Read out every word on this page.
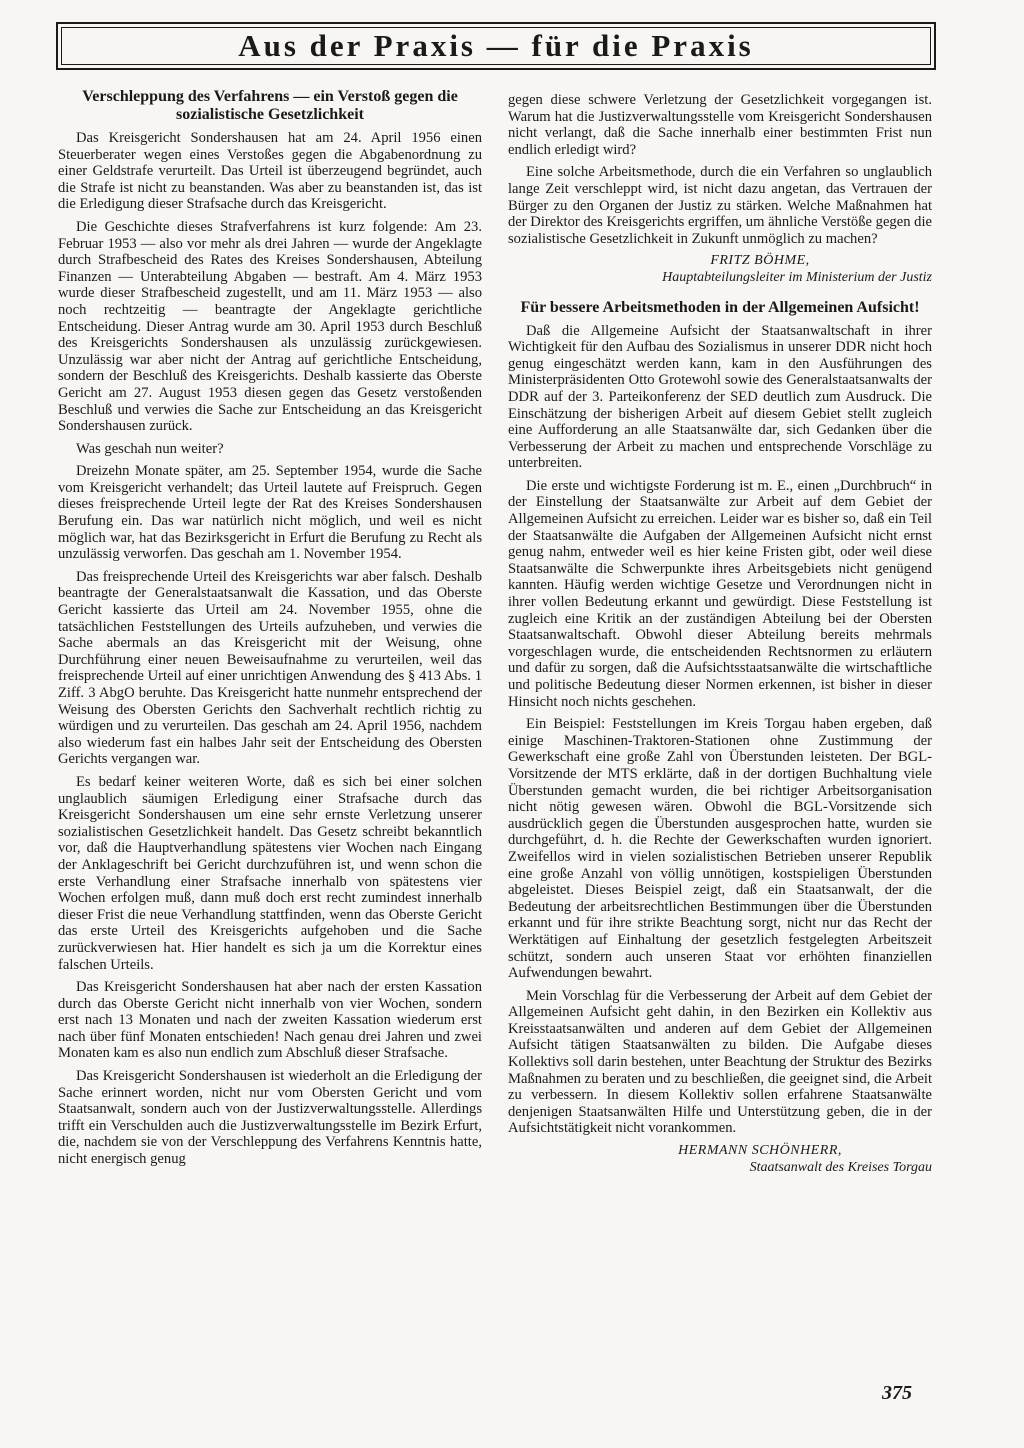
Aus der Praxis — für die Praxis
Verschleppung des Verfahrens — ein Verstoß gegen die sozialistische Gesetzlichkeit

Das Kreisgericht Sondershausen hat am 24. April 1956 einen Steuerberater wegen eines Verstoßes gegen die Abgabenordnung zu einer Geldstrafe verurteilt. Das Urteil ist überzeugend begründet, auch die Strafe ist nicht zu beanstanden. Was aber zu beanstanden ist, das ist die Erledigung dieser Strafsache durch das Kreisgericht.

Die Geschichte dieses Strafverfahrens ist kurz folgende: Am 23. Februar 1953 — also vor mehr als drei Jahren — wurde der Angeklagte durch Strafbescheid des Rates des Kreises Sondershausen, Abteilung Finanzen — Unterabteilung Abgaben — bestraft. Am 4. März 1953 wurde dieser Strafbescheid zugestellt, und am 11. März 1953 — also noch rechtzeitig — beantragte der Angeklagte gerichtliche Entscheidung. Dieser Antrag wurde am 30. April 1953 durch Beschluß des Kreisgerichts Sondershausen als unzulässig zurückgewiesen. Unzulässig war aber nicht der Antrag auf gerichtliche Entscheidung, sondern der Beschluß des Kreisgerichts. Deshalb kassierte das Oberste Gericht am 27. August 1953 diesen gegen das Gesetz verstoßenden Beschluß und verwies die Sache zur Entscheidung an das Kreisgericht Sondershausen zurück.

Was geschah nun weiter?

Dreizehn Monate später, am 25. September 1954, wurde die Sache vom Kreisgericht verhandelt; das Urteil lautete auf Freispruch. Gegen dieses freisprechende Urteil legte der Rat des Kreises Sondershausen Berufung ein. Das war natürlich nicht möglich, und weil es nicht möglich war, hat das Bezirksgericht in Erfurt die Berufung zu Recht als unzulässig verworfen. Das geschah am 1. November 1954.

Das freisprechende Urteil des Kreisgerichts war aber falsch. Deshalb beantragte der Generalstaatsanwalt die Kassation, und das Oberste Gericht kassierte das Urteil am 24. November 1955, ohne die tatsächlichen Feststellungen des Urteils aufzuheben, und verwies die Sache abermals an das Kreisgericht mit der Weisung, ohne Durchführung einer neuen Beweisaufnahme zu verurteilen, weil das freisprechende Urteil auf einer unrichtigen Anwendung des § 413 Abs. 1 Ziff. 3 AbgO beruhte. Das Kreisgericht hatte nunmehr entsprechend der Weisung des Obersten Gerichts den Sachverhalt rechtlich richtig zu würdigen und zu verurteilen. Das geschah am 24. April 1956, nachdem also wiederum fast ein halbes Jahr seit der Entscheidung des Obersten Gerichts vergangen war.

Es bedarf keiner weiteren Worte, daß es sich bei einer solchen unglaublich säumigen Erledigung einer Strafsache durch das Kreisgericht Sondershausen um eine sehr ernste Verletzung unserer sozialistischen Gesetzlichkeit handelt. Das Gesetz schreibt bekanntlich vor, daß die Hauptverhandlung spätestens vier Wochen nach Eingang der Anklageschrift bei Gericht durchzuführen ist, und wenn schon die erste Verhandlung einer Strafsache innerhalb von spätestens vier Wochen erfolgen muß, dann muß doch erst recht zumindest innerhalb dieser Frist die neue Verhandlung stattfinden, wenn das Oberste Gericht das erste Urteil des Kreisgerichts aufgehoben und die Sache zurückverwiesen hat. Hier handelt es sich ja um die Korrektur eines falschen Urteils.

Das Kreisgericht Sondershausen hat aber nach der ersten Kassation durch das Oberste Gericht nicht innerhalb von vier Wochen, sondern erst nach 13 Monaten und nach der zweiten Kassation wiederum erst nach über fünf Monaten entschieden! Nach genau drei Jahren und zwei Monaten kam es also nun endlich zum Abschluß dieser Strafsache.

Das Kreisgericht Sondershausen ist wiederholt an die Erledigung der Sache erinnert worden, nicht nur vom Obersten Gericht und vom Staatsanwalt, sondern auch von der Justizverwaltungsstelle. Allerdings trifft ein Verschulden auch die Justizverwaltungsstelle im Bezirk Erfurt, die, nachdem sie von der Verschleppung des Verfahrens Kenntnis hatte, nicht energisch genug

gegen diese schwere Verletzung der Gesetzlichkeit vorgegangen ist. Warum hat die Justizverwaltungsstelle vom Kreisgericht Sondershausen nicht verlangt, daß die Sache innerhalb einer bestimmten Frist nun endlich erledigt wird?

Eine solche Arbeitsmethode, durch die ein Verfahren so unglaublich lange Zeit verschleppt wird, ist nicht dazu angetan, das Vertrauen der Bürger zu den Organen der Justiz zu stärken. Welche Maßnahmen hat der Direktor des Kreisgerichts ergriffen, um ähnliche Verstöße gegen die sozialistische Gesetzlichkeit in Zukunft unmöglich zu machen?

FRITZ BÖHME,
Hauptabteilungsleiter im Ministerium der Justiz
Für bessere Arbeitsmethoden in der Allgemeinen Aufsicht!

Daß die Allgemeine Aufsicht der Staatsanwaltschaft in ihrer Wichtigkeit für den Aufbau des Sozialismus in unserer DDR nicht hoch genug eingeschätzt werden kann, kam in den Ausführungen des Ministerpräsidenten Otto Grotewohl sowie des Generalstaatsanwalts der DDR auf der 3. Parteikonferenz der SED deutlich zum Ausdruck. Die Einschätzung der bisherigen Arbeit auf diesem Gebiet stellt zugleich eine Aufforderung an alle Staatsanwälte dar, sich Gedanken über die Verbesserung der Arbeit zu machen und entsprechende Vorschläge zu unterbreiten.

Die erste und wichtigste Forderung ist m. E., einen „Durchbruch“ in der Einstellung der Staatsanwälte zur Arbeit auf dem Gebiet der Allgemeinen Aufsicht zu erreichen. Leider war es bisher so, daß ein Teil der Staatsanwälte die Aufgaben der Allgemeinen Aufsicht nicht ernst genug nahm, entweder weil es hier keine Fristen gibt, oder weil diese Staatsanwälte die Schwerpunkte ihres Arbeitsgebiets nicht genügend kannten. Häufig werden wichtige Gesetze und Verordnungen nicht in ihrer vollen Bedeutung erkannt und gewürdigt. Diese Feststellung ist zugleich eine Kritik an der zuständigen Abteilung bei der Obersten Staatsanwaltschaft. Obwohl dieser Abteilung bereits mehrmals vorgeschlagen wurde, die entscheidenden Rechtsnormen zu erläutern und dafür zu sorgen, daß die Aufsichtsstaatsanwälte die wirtschaftliche und politische Bedeutung dieser Normen erkennen, ist bisher in dieser Hinsicht noch nichts geschehen.

Ein Beispiel: Feststellungen im Kreis Torgau haben ergeben, daß einige Maschinen-Traktoren-Stationen ohne Zustimmung der Gewerkschaft eine große Zahl von Überstunden leisteten. Der BGL-Vorsitzende der MTS erklärte, daß in der dortigen Buchhaltung viele Überstunden gemacht wurden, die bei richtiger Arbeitsorganisation nicht nötig gewesen wären. Obwohl die BGL-Vorsitzende sich ausdrücklich gegen die Überstunden ausgesprochen hatte, wurden sie durchgeführt, d. h. die Rechte der Gewerkschaften wurden ignoriert. Zweifellos wird in vielen sozialistischen Betrieben unserer Republik eine große Anzahl von völlig unnötigen, kostspieligen Überstunden abgeleistet. Dieses Beispiel zeigt, daß ein Staatsanwalt, der die Bedeutung der arbeitsrechtlichen Bestimmungen über die Überstunden erkannt und für ihre strikte Beachtung sorgt, nicht nur das Recht der Werktätigen auf Einhaltung der gesetzlich festgelegten Arbeitszeit schützt, sondern auch unseren Staat vor erhöhten finanziellen Aufwendungen bewahrt.

Mein Vorschlag für die Verbesserung der Arbeit auf dem Gebiet der Allgemeinen Aufsicht geht dahin, in den Bezirken ein Kollektiv aus Kreisstaatsanwälten und anderen auf dem Gebiet der Allgemeinen Aufsicht tätigen Staatsanwälten zu bilden. Die Aufgabe dieses Kollektivs soll darin bestehen, unter Beachtung der Struktur des Bezirks Maßnahmen zu beraten und zu beschließen, die geeignet sind, die Arbeit zu verbessern. In diesem Kollektiv sollen erfahrene Staatsanwälte denjenigen Staatsanwälten Hilfe und Unterstützung geben, die in der Aufsichtstätigkeit nicht vorankommen.

HERMANN SCHÖNHERR,
Staatsanwalt des Kreises Torgau
375
